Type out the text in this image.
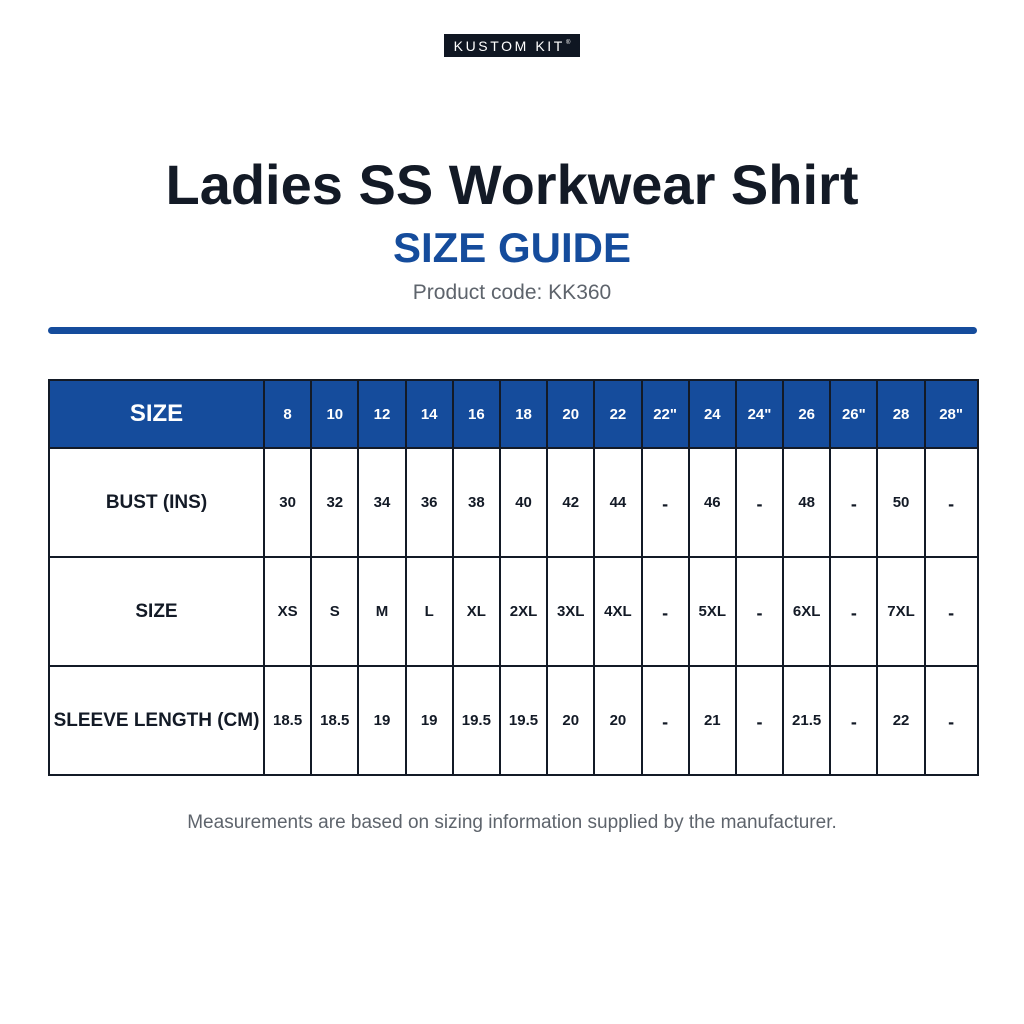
KUSTOM KIT ®
Ladies SS Workwear Shirt
SIZE GUIDE
Product code: KK360
SIZE	8	10	12	14	16	18	20	22	22"	24	24"	26	26"	28	28"
BUST (INS)	30	32	34	36	38	40	42	44	-	46	-	48	-	50	-
SIZE	XS	S	M	L	XL	2XL	3XL	4XL	-	5XL	-	6XL	-	7XL	-
SLEEVE LENGTH (CM)	18.5	18.5	19	19	19.5	19.5	20	20	-	21	-	21.5	-	22	-
Measurements are based on sizing information supplied by the manufacturer.
